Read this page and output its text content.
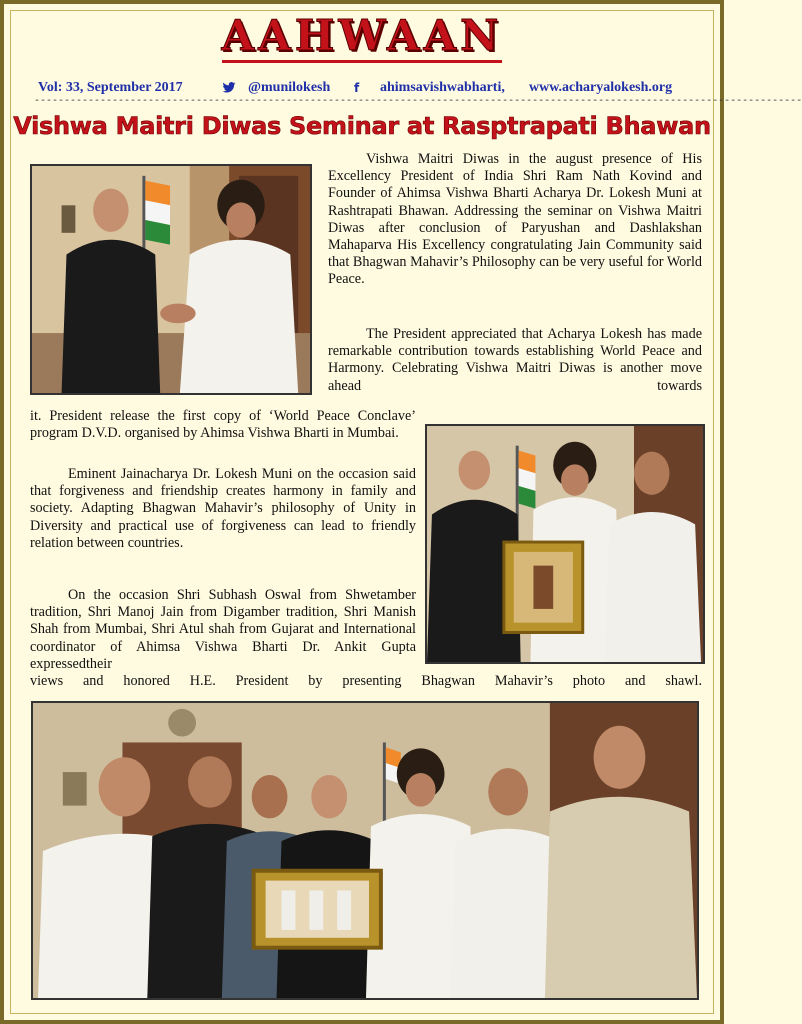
AAHWAAN
Vol: 33, September 2017	@munilokesh f ahimsavishwabharti, www.acharyalokesh.org
--------------------------------------------------------------------------------------------------------------------------------
Vishwa Maitri Diwas Seminar at Rasptrapati Bhawan

Vishwa Maitri Diwas in the august presence of His Excellency President of India Shri Ram Nath Kovind and Founder of Ahimsa Vishwa Bharti Acharya Dr. Lokesh Muni at Rashtrapati Bhawan. Addressing the seminar on Vishwa Maitri Diwas after conclusion of Paryushan and Dashlakshan Mahaparva His Excellency congratulating Jain Community said that Bhagwan Mahavir’s Philosophy can be very useful for World Peace.

The President appreciated that Acharya Lokesh has made remarkable contribution towards establishing World Peace and Harmony. Celebrating Vishwa Maitri Diwas is another move ahead towards

it. President release the first copy of ‘World Peace Conclave’ program D.V.D. organised by Ahimsa Vishwa Bharti in Mumbai.

Eminent Jainacharya Dr. Lokesh Muni on the occasion said that forgiveness and friendship creates harmony in family and society. Adapting Bhagwan Mahavir’s philosophy of Unity in Diversity and practical use of forgiveness can lead to friendly relation between countries.

On the occasion Shri Subhash Oswal from Shwetamber tradition, Shri Manoj Jain from Digamber tradition, Shri Manish Shah from Mumbai, Shri Atul shah from Gujarat and International coordinator of Ahimsa Vishwa Bharti Dr. Ankit Gupta expressedtheir

views and honored H.E. President by presenting Bhagwan Mahavir’s photo and shawl.
